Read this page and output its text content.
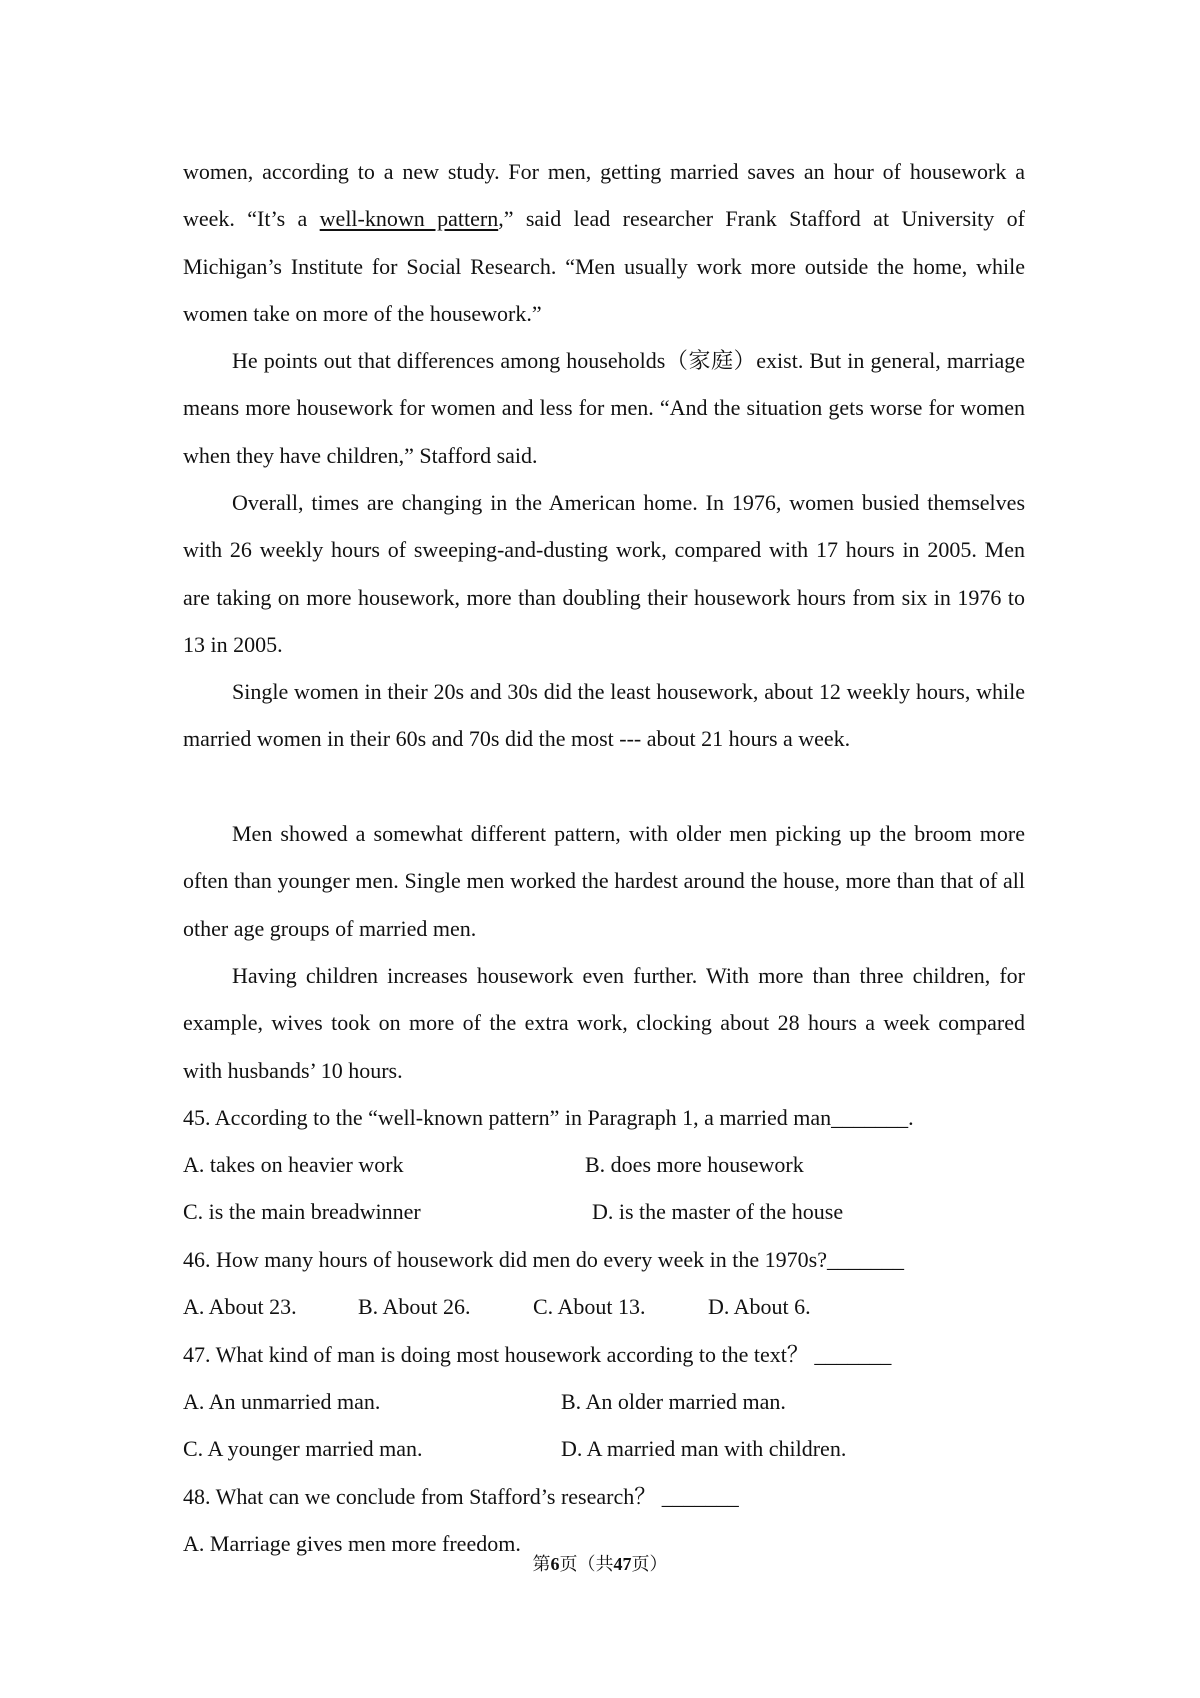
women, according to a new study. For men, getting married saves an hour of housework a week. “It’s a well-known pattern,” said lead researcher Frank Stafford at University of Michigan’s Institute for Social Research. “Men usually work more outside the home, while women take on more of the housework.”

He points out that differences among households（家庭）exist. But in general, marriage means more housework for women and less for men. “And the situation gets worse for women when they have children,” Stafford said.

Overall, times are changing in the American home. In 1976, women busied themselves with 26 weekly hours of sweeping-and-dusting work, compared with 17 hours in 2005. Men are taking on more housework, more than doubling their housework hours from six in 1976 to 13 in 2005.

Single women in their 20s and 30s did the least housework, about 12 weekly hours, while married women in their 60s and 70s did the most --- about 21 hours a week.

Men showed a somewhat different pattern, with older men picking up the broom more often than younger men. Single men worked the hardest around the house, more than that of all other age groups of married men.

Having children increases housework even further. With more than three children, for example, wives took on more of the extra work, clocking about 28 hours a week compared with husbands’ 10 hours.

45. According to the “well-known pattern” in Paragraph 1, a married man_______.

A. takes on heavier work	B. does more housework
C. is the main breadwinner	D. is the master of the house

46. How many hours of housework did men do every week in the 1970s?_______

A. About 23.	B. About 26.	C. About 13.	D. About 6.

47. What kind of man is doing most housework according to the text？ _______

A. An unmarried man.	B. An older married man.
C. A younger married man.	D. A married man with children.

48. What can we conclude from Stafford’s research？ _______

A. Marriage gives men more freedom.
第6页（共47页）
